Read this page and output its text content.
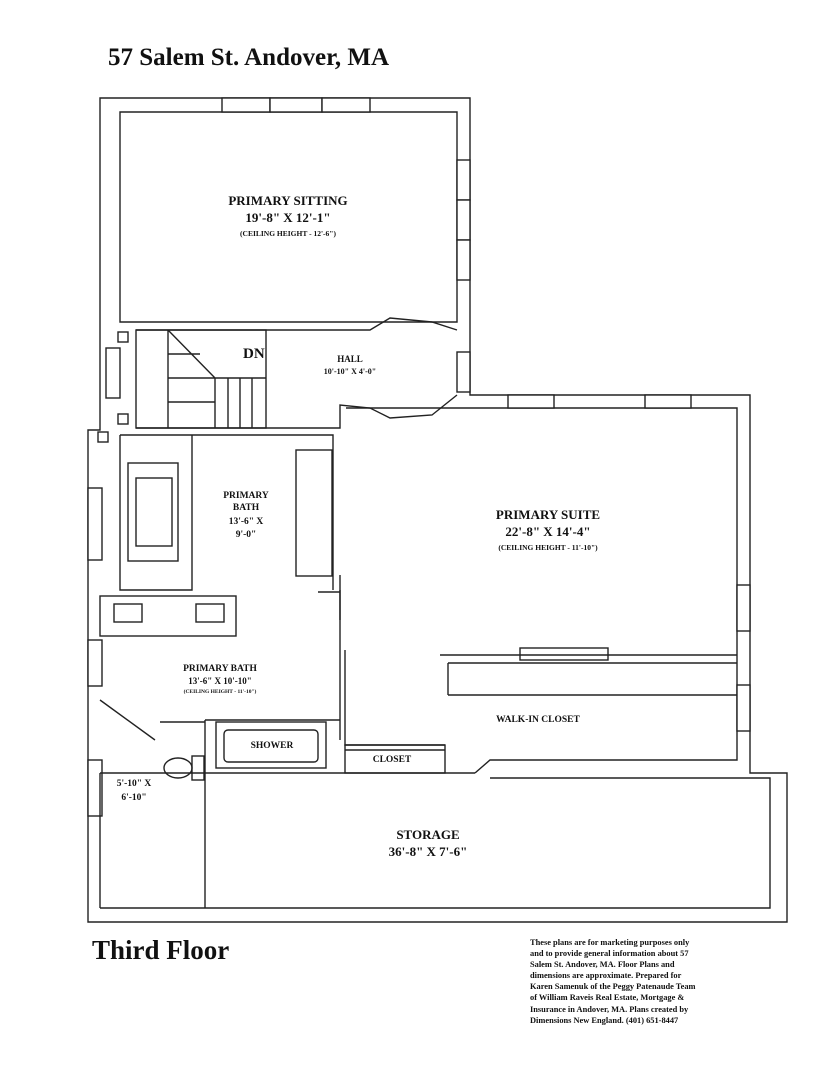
57 Salem St. Andover, MA
PRIMARY SITTING
19'-8" X 12'-1"
(CEILING HEIGHT - 12'-6")
DN	HALL
10'-10" X 4'-0"
PRIMARY
BATH
13'-6" X
9'-0"
PRIMARY SUITE
22'-8" X 14'-4"
(CEILING HEIGHT - 11'-10")
PRIMARY BATH
13'-6" X 10'-10"
(CEILING HEIGHT - 11'-10")
WALK-IN CLOSET
SHOWER
CLOSET
5'-10" X
6'-10"
STORAGE
36'-8" X 7'-6"
Third Floor	These plans are for marketing purposes only
and to provide general information about 57
Salem St. Andover, MA. Floor Plans and
dimensions are approximate. Prepared for
Karen Samenuk of the Peggy Patenaude Team
of William Raveis Real Estate, Mortgage &
Insurance in Andover, MA. Plans created by
Dimensions New England. (401) 651-8447
